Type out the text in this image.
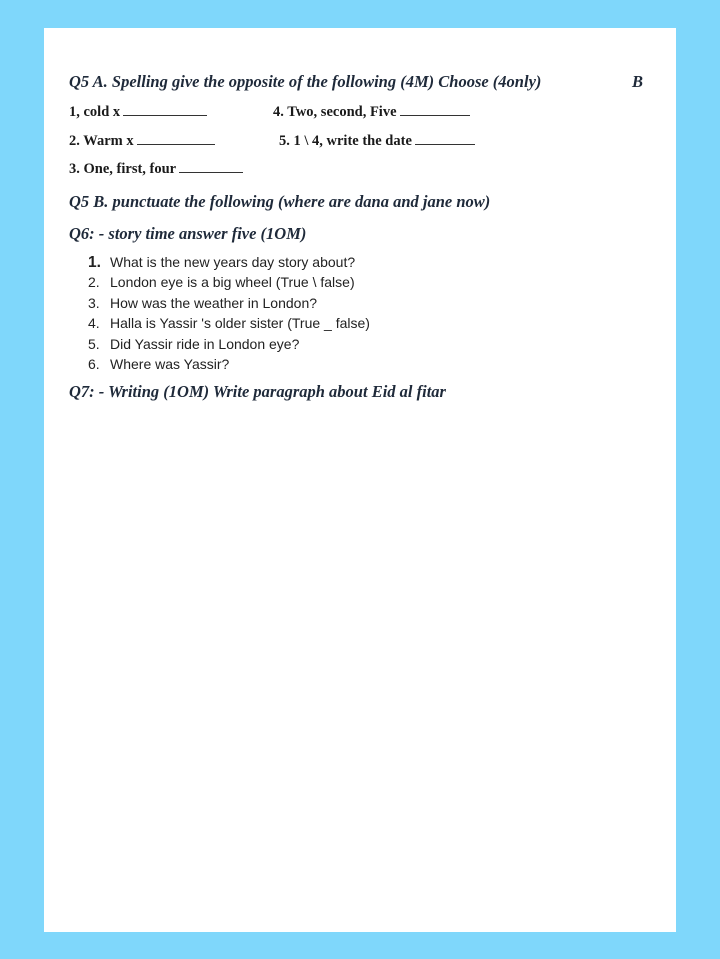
Q5 A. Spelling give the opposite of the following (4M) Choose (4only)	B
1, cold x	4. Two, second, Five
2. Warm x	5. 1 \ 4, write the date
3. One, first, four
Q5 B. punctuate the following (where are dana and jane now)
Q6: - story time answer five (1OM)
1. What is the new years day story about?
2. London eye is a big wheel (True \ false)
3. How was the weather in London?
4. Halla is Yassir 's older sister (True _ false)
5. Did Yassir ride in London eye?
6. Where was Yassir?
Q7: - Writing (1OM) Write paragraph about Eid al fitar
